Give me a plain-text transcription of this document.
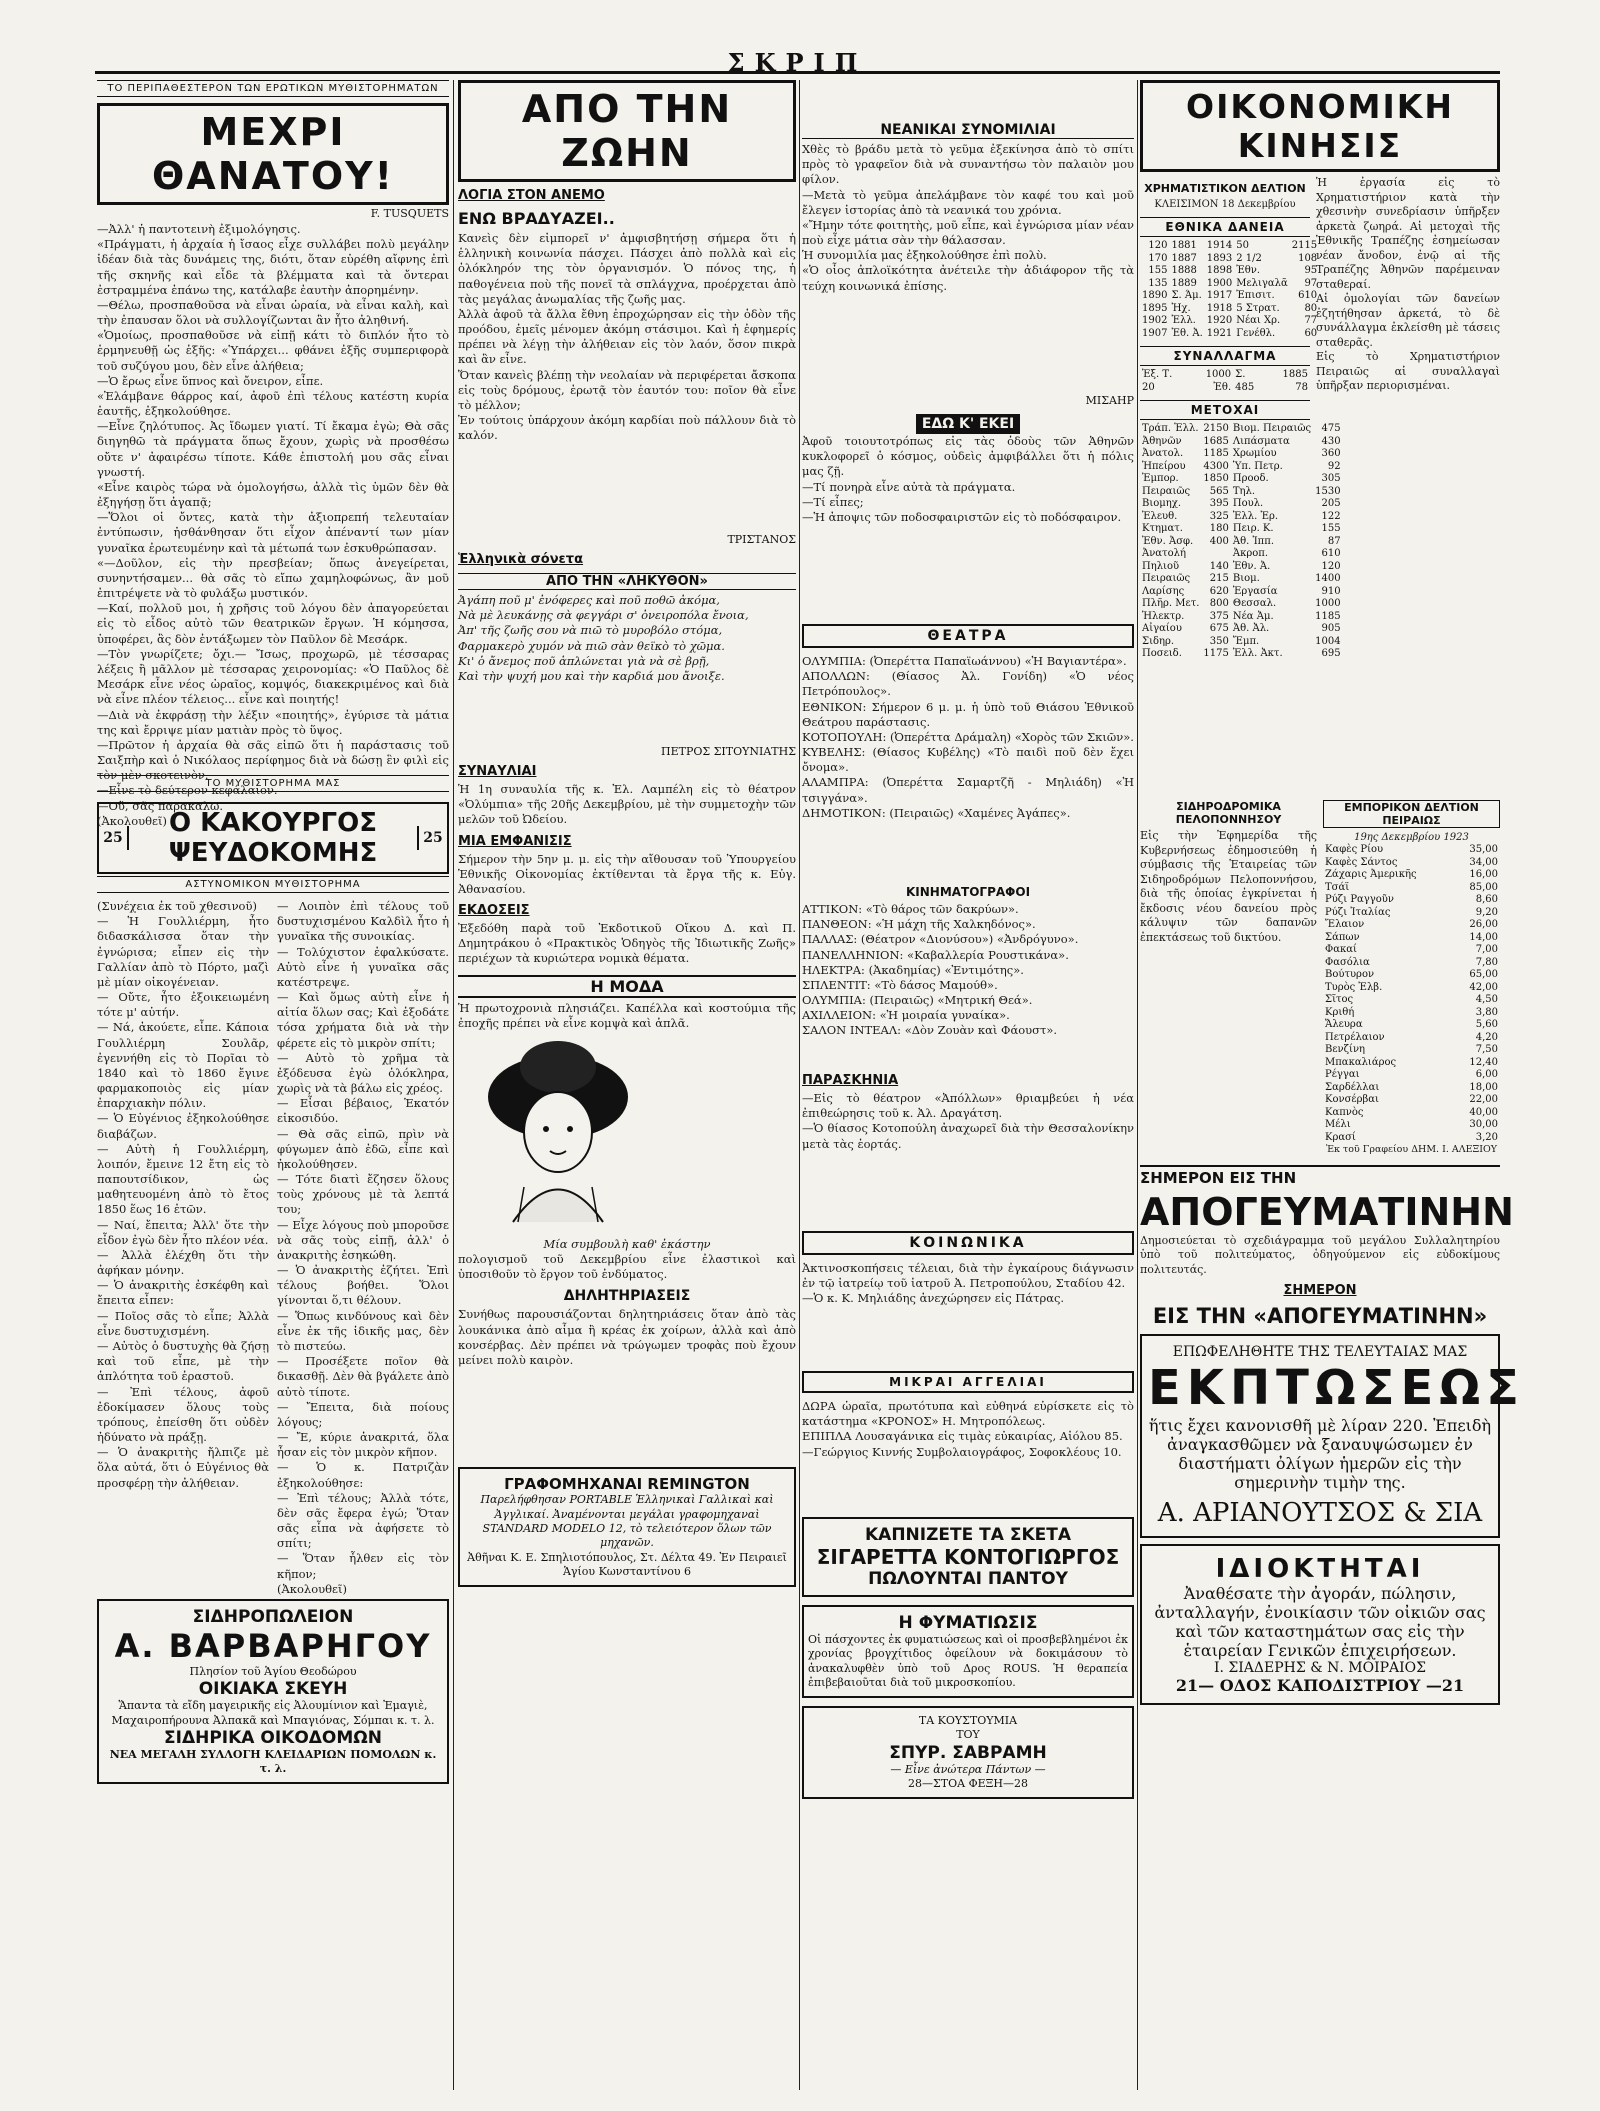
ΣΚΡΙΠ
ΤΟ ΠΕΡΙΠΑΘΕΣΤΕΡΟΝ ΤΩΝ ΕΡΩΤΙΚΩΝ ΜΥΘΙΣΤΟΡΗΜΑΤΩΝ
ΜΕΧΡΙ ΘΑΝΑΤΟΥ!
F. TUSQUETS
—Ἀλλ' ἡ παντοτεινὴ ἐξιμολόγησις.
«Πράγματι, ἡ ἀρχαία ἡ ἴσαος εἶχε συλλάβει πολὺ μεγάλην ἰδέαν διὰ τὰς δυνάμεις της, διότι, ὅταν εὑρέθη αἴφνης ἐπὶ τῆς σκηνῆς καὶ εἶδε τὰ βλέμματα καὶ τὰ ὄντεραι ἐστραμμένα ἐπάνω της, κατάλαβε ἐαυτὴν ἀπορημένην.
—Θέλω, προσπαθοῦσα νὰ εἶναι ὡραία, νὰ εἶναι καλὴ, καὶ τὴν ἐπαυσαν ὅλοι νὰ συλλογίζωνται ἂν ἦτο ἀληθινή.
«Ὁμοίως, προσπαθοῦσε νὰ εἰπῇ κάτι τὸ διπλόν ἦτο τὸ ἑρμηνευθῇ ὡς ἑξῆς: «Ὑπάρχει... φθάνει ἐξῆς συμπεριφορὰ τοῦ συζύγου μου, δὲν εἶνε ἀλήθεια;
—Ὁ ἔρως εἶνε ὕπνος καὶ ὄνειρον, εἶπε.
«Ἐλάμβανε θάρρος καί, ἀφοῦ ἐπὶ τέλους κατέστη κυρία ἑαυτῆς, ἐξηκολούθησε.
—Εἶνε ζηλότυπος. Ἀς ἴδωμεν γιατί. Τί ἔκαμα ἐγὼ; Θὰ σᾶς διηγηθῶ τὰ πράγματα ὅπως ἔχουν, χωρὶς νὰ προσθέσω οὔτε ν' ἀφαιρέσω τίποτε. Κάθε ἐπιστολή μου σᾶς εἶναι γνωστή.
«Εἶνε καιρὸς τώρα νὰ ὁμολογήσω, ἀλλὰ τὶς ὑμῶν δὲν θὰ ἐξηγήσῃ ὅτι ἀγαπᾷ;
—Ὅλοι οἱ ὄντες, κατὰ τὴν ἀξιοπρεπή τελευταίαν ἐντύπωσιν, ἠσθάνθησαν ὅτι εἶχον ἀπέναντί των μίαν γυναῖκα ἐρωτευμένην καὶ τὰ μέτωπά των ἐσκυθρώπασαν.
«—Δοῦλον, εἰς τὴν πρεσβείαν; ὅπως ἀνεγείρεται, συνηντήσαμεν... θὰ σᾶς τὸ εἴπω χαμηλοφώνως, ἂν μοῦ ἐπιτρέψετε νὰ τὸ φυλάξω μυστικόν.
—Καί, πολλοῦ μοι, ἡ χρῆσις τοῦ λόγου δὲν ἀπαγορεύεται εἰς τὸ εἶδος αὐτὸ τῶν θεατρικῶν ἔργων. Ἡ κόμησσα, ὑποφέρει, ἂς δὸν ἐντάξωμεν τὸν Παῦλον δὲ Μεσάρκ.
—Τὸν γνωρίζετε; ὄχι.— Ἴσως, προχωρῶ, μὲ τέσσαρας λέξεις ἢ μᾶλλον μὲ τέσσαρας χειρονομίας: «Ὁ Παῦλος δὲ Μεσάρκ εἶνε νέος ὡραῖος, κομψός, διακεκριμένος καὶ διὰ νὰ εἶνε πλέον τέλειος... εἶνε καὶ ποιητής!
—Διὰ νὰ ἐκφράσῃ τὴν λέξιν «ποιητής», ἐγύρισε τὰ μάτια της καὶ ἔρριψε μίαν ματιὰν πρὸς τὸ ὕψος.
—Πρῶτον ἡ ἀρχαία θὰ σᾶς εἰπῶ ὅτι ἡ παράστασις τοῦ Σαιξπὴρ καὶ ὁ Νικόλαος περίφημος διὰ νὰ δώσῃ ἓν φιλὶ εἰς τὸν μὲν σκοτεινὸν.
—Εἶνε τὸ δεύτερον κεφάλαιον.
—Οὔ, σᾶς παρακαλῶ.
(Ἀκολουθεῖ)
ΤΟ ΜΥΘΙΣΤΟΡΗΜΑ ΜΑΣ
25	Ο ΚΑΚΟΥΡΓΟΣ ΨΕΥΔΟΚΟΜΗΣ	25
ΑΣΤΥΝΟΜΙΚΟΝ ΜΥΘΙΣΤΟΡΗΜΑ
(Συνέχεια ἐκ τοῦ χθεσινοῦ)
— Ἡ Γουλλιέρμη, ἦτο διδασκάλισσα ὅταν τὴν ἐγνώρισα; εἶπεν εἰς τὴν Γαλλίαν ἀπὸ τὸ Πόρτο, μαζὶ μὲ μίαν οἰκογένειαν.
— Οὔτε, ἦτο ἐξοικειωμένη τότε μ' αὐτήν.
— Νά, ἀκούετε, εἶπε. Κάποια Γουλλιέρμη Σουλᾶρ, ἐγεννήθη εἰς τὸ Πορῖαι τὸ 1840 καὶ τὸ 1860 ἔγινε φαρμακοποιὸς εἰς μίαν ἐπαρχιακὴν πόλιν.
— Ὁ Εὐγένιος ἐξηκολούθησε διαβάζων.
— Αὐτὴ ἡ Γουλλιέρμη, λοιπόν, ἔμεινε 12 ἔτη εἰς τὸ παπουτσίδικον, ὡς μαθητευομένη ἀπὸ τὸ ἔτος 1850 ἕως 16 ἐτῶν.
— Ναί, ἔπειτα; Ἀλλ' ὅτε τὴν εἶδον ἐγὼ δὲν ἦτο πλέον νέα.
— Ἀλλὰ ἐλέχθη ὅτι τὴν ἀφήκαν μόνην.
— Ὁ ἀνακριτὴς ἐσκέφθη καὶ ἔπειτα εἶπεν:
— Ποῖος σᾶς τὸ εἶπε; Ἀλλὰ εἶνε δυστυχισμένη.
— Αὐτὸς ὁ δυστυχὴς θὰ ζήσῃ καὶ τοῦ εἶπε, μὲ τὴν ἁπλότητα τοῦ ἐραστοῦ.
— Ἐπὶ τέλους, ἀφοῦ ἐδοκίμασεν ὅλους τοὺς τρόπους, ἐπείσθη ὅτι οὐδὲν ἠδύνατο νὰ πράξῃ.
— Ὁ ἀνακριτὴς ἤλπιζε μὲ ὅλα αὐτά, ὅτι ὁ Εὐγένιος θὰ προσφέρῃ τὴν ἀλήθειαν.
— Λοιπὸν ἐπὶ τέλους τοῦ δυστυχισμένου Καλδὶλ ἦτο ἡ γυναῖκα τῆς συνοικίας.
— Τολύχιστον ἐφαλκύσατε. Αὐτὸ εἶνε ἡ γυναῖκα σᾶς κατέστρεψε.
— Καὶ ὅμως αὐτὴ εἶνε ἡ αἰτία ὅλων σας; Καὶ ἐξοδάτε τόσα χρήματα διὰ νὰ τὴν φέρετε εἰς τὸ μικρὸν σπίτι;
— Αὐτὸ τὸ χρῆμα τὰ ἐξόδευσα ἐγὼ ὁλόκληρα, χωρὶς νὰ τὰ βάλω εἰς χρέος.
— Εἶσαι βέβαιος, Ἑκατόν εἰκοσιδύο.
— Θὰ σᾶς εἰπῶ, πρὶν νὰ φύγωμεν ἀπὸ ἐδῶ, εἶπε καὶ ἠκολούθησεν.
— Τότε διατὶ ἔζησεν ὅλους τοὺς χρόνους μὲ τὰ λεπτά του;
— Εἶχε λόγους ποὺ μποροῦσε νὰ σᾶς τοὺς εἰπῇ, ἀλλ' ὁ ἀνακριτὴς ἐσηκώθη.
— Ὁ ἀνακριτὴς ἐζήτει. Ἐπὶ τέλους βοήθει. Ὅλοι γίνονται ὅ,τι θέλουν.
— Ὅπως κινδύνους καὶ δὲν εἶνε ἐκ τῆς ἰδικῆς μας, δὲν τὸ πιστεύω.
— Προσέξετε ποῖον θὰ δικασθῇ. Δὲν θὰ βγάλετε ἀπὸ αὐτὸ τίποτε.
— Ἔπειτα, διὰ ποίους λόγους;
— Ἔ, κύριε ἀνακριτά, ὅλα ἦσαν εἰς τὸν μικρὸν κῆπον.
— Ὁ κ. Πατριζὰν ἐξηκολούθησε:
— Ἐπὶ τέλους; Ἀλλὰ τότε, δὲν σᾶς ἔφερα ἐγώ; Ὅταν σᾶς εἶπα νὰ ἀφήσετε τὸ σπίτι;
— Ὅταν ἦλθεν εἰς τὸν κῆπον;
(Ἀκολουθεῖ)
ΣΙΔΗΡΟΠΩΛΕΙΟΝ
Α. ΒΑΡΒΑΡΗΓΟΥ
Πλησίον τοῦ Ἁγίου Θεοδώρου
ΟΙΚΙΑΚΑ ΣΚΕΥΗ
Ἅπαντα τὰ εἴδη μαγειρικῆς εἰς Ἀλουμίνιον καὶ Ἐμαγιὲ, Μαχαιροπήρουνα Ἀλπακᾶ καὶ Μπαγιόνας, Σόμπαι κ. τ. λ.
ΣΙΔΗΡΙΚΑ ΟΙΚΟΔΟΜΩΝ
ΝΕΑ ΜΕΓΑΛΗ ΣΥΛΛΟΓΗ ΚΛΕΙΔΑΡΙΩΝ ΠΟΜΟΛΩΝ κ. τ. λ.
ΑΠΟ ΤΗΝ ΖΩΗΝ
ΛΟΓΙΑ ΣΤΟΝ ΑΝΕΜΟ
ΕΝΩ ΒΡΑΔΥΑΖΕΙ..
Κανεὶς δὲν εἰμπορεῖ ν' ἀμφισβητήσῃ σήμερα ὅτι ἡ ἑλληνικὴ κοινωνία πάσχει. Πάσχει ἀπὸ πολλὰ καὶ εἰς ὁλόκληρόν της τὸν ὀργανισμόν. Ὁ πόνος της, ἡ παθογένεια ποὺ τῆς πονεῖ τὰ σπλάγχνα, προέρχεται ἀπὸ τὰς μεγάλας ἀνωμαλίας τῆς ζωῆς μας.
Ἀλλὰ ἀφοῦ τὰ ἄλλα ἔθνη ἐπροχώρησαν εἰς τὴν ὁδὸν τῆς προόδου, ἐμεῖς μένομεν ἀκόμη στάσιμοι. Καὶ ἡ ἐφημερίς πρέπει νὰ λέγῃ τὴν ἀλήθειαν εἰς τὸν λαόν, ὅσον πικρὰ καὶ ἂν εἶνε.
Ὅταν κανεὶς βλέπῃ τὴν νεολαίαν νὰ περιφέρεται ἄσκοπα εἰς τοὺς δρόμους, ἐρωτᾷ τὸν ἑαυτόν του: ποῖον θὰ εἶνε τὸ μέλλον;
Ἐν τούτοις ὑπάρχουν ἀκόμη καρδίαι ποὺ πάλλουν διὰ τὸ καλόν.
ΤΡΙΣΤΑΝΟΣ
Ἑλληνικὰ σόνετα
ΑΠΟ ΤΗΝ «ΛΗΚΥΘΟΝ»
Ἀγάπη ποῦ μ' ἐνόφερες καὶ ποῦ ποθῶ ἀκόμα,
Νὰ μὲ λευκάνῃς σὰ φεγγάρι σ' ὀνειροπόλα ἔνοια,
Ἀπ' τῆς ζωῆς σου νὰ πιῶ τὸ μυροβόλο στόμα,
Φαρμακερὸ χυμόν νὰ πιῶ σὰν θεϊκὸ τὸ χῶμα.
Κι' ὁ ἄνεμος ποῦ ἁπλώνεται γιὰ νὰ σὲ βρῇ,
Καὶ τὴν ψυχή μου καὶ τὴν καρδιά μου ἄνοιξε.
ΠΕΤΡΟΣ ΣΙΤΟΥΝΙΑΤΗΣ
ΣΥΝΑΥΛΙΑΙ
Ἡ 1η συναυλία τῆς κ. Ἑλ. Λαμπέλη εἰς τὸ θέατρον «Ὀλύμπια» τῆς 20ῆς Δεκεμβρίου, μὲ τὴν συμμετοχὴν τῶν μελῶν τοῦ Ὠδείου.
ΜΙΑ ΕΜΦΑΝΙΣΙΣ
Σήμερον τὴν 5ην μ. μ. εἰς τὴν αἴθουσαν τοῦ Ὑπουργείου Ἐθνικῆς Οἰκονομίας ἐκτίθενται τὰ ἔργα τῆς κ. Εὐγ. Ἀθανασίου.
ΕΚΔΟΣΕΙΣ
Ἐξεδόθη παρὰ τοῦ Ἐκδοτικοῦ Οἴκου Δ. καὶ Π. Δημητράκου ὁ «Πρακτικὸς Ὁδηγὸς τῆς Ἰδιωτικῆς Ζωῆς» περιέχων τὰ κυριώτερα νομικὰ θέματα.
Η ΜΟΔΑ
Ἡ πρωτοχρονιὰ πλησιάζει. Καπέλλα καὶ κοστούμια τῆς ἐποχῆς πρέπει νὰ εἶνε κομψὰ καὶ ἁπλᾶ.
Μία συμβουλὴ καθ' ἑκάστην
πολογισμοῦ τοῦ Δεκεμβρίου εἶνε ἐλαστικοὶ καὶ ὑποσιθοῦν τὸ ἔργον τοῦ ἐνδύματος.
ΔΗΛΗΤΗΡΙΑΣΕΙΣ
Συνήθως παρουσιάζονται δηλητηριάσεις ὅταν ἀπὸ τὰς λουκάνικα ἀπὸ αἷμα ἢ κρέας ἐκ χοίρων, ἀλλὰ καὶ ἀπὸ κονσέρβας. Δὲν πρέπει νὰ τρώγωμεν τροφὰς ποὺ ἔχουν μείνει πολὺ καιρὸν.
ΓΡΑΦΟΜΗΧΑΝΑΙ REMINGTON
Παρελήφθησαν PORTABLE Ἑλληνικαὶ Γαλλικαὶ καὶ Ἀγγλικαί. Ἀναμένονται μεγάλαι γραφομηχαναὶ STANDARD MODELO 12, τὸ τελειότερον ὅλων τῶν μηχανῶν.
Ἀθῆναι Κ. Ε. Σπηλιοτόπουλος, Στ. Δέλτα 49. Ἐν Πειραιεῖ Ἁγίου Κωνσταντίνου 6
ΝΕΑΝΙΚΑΙ ΣΥΝΟΜΙΛΙΑΙ
Χθὲς τὸ βράδυ μετὰ τὸ γεῦμα ἐξεκίνησα ἀπὸ τὸ σπίτι πρὸς τὸ γραφεῖον διὰ νὰ συναντήσω τὸν παλαιὸν μου φίλον.
—Μετὰ τὸ γεῦμα ἀπελάμβανε τὸν καφέ του καὶ μοῦ ἔλεγεν ἱστορίας ἀπὸ τὰ νεανικά του χρόνια.
«Ἤμην τότε φοιτητὴς, μοῦ εἶπε, καὶ ἐγνώρισα μίαν νέαν ποὺ εἶχε μάτια σὰν τὴν θάλασσαν.
Ἡ συνομιλία μας ἐξηκολούθησε ἐπὶ πολὺ.
«Ὁ οἶος ἀπλοϊκότητα ἀνέτειλε τὴν ἀδιάφορον τῆς τὰ τεύχη κοινωνικά ἐπίσης.
ΜΙΣΑΗΡ
ΕΔΩ Κ' ΕΚΕΙ
Ἀφοῦ τοιουτοτρόπως εἰς τὰς ὁδοὺς τῶν Ἀθηνῶν κυκλοφορεῖ ὁ κόσμος, οὐδεὶς ἀμφιβάλλει ὅτι ἡ πόλις μας ζῇ.
—Τί πονηρὰ εἶνε αὐτὰ τὰ πράγματα.
—Τί εἶπες;
—Ἡ ἀποψις τῶν ποδοσφαιριστῶν εἰς τὸ ποδόσφαιρον.
ΘΕΑΤΡΑ
ΟΛΥΜΠΙΑ: (Ὀπερέττα Παπαϊωάννου) «Ἡ Βαγιαντέρα».
ΑΠΟΛΛΩΝ: (Θίασος Ἀλ. Γονίδη) «Ὁ νέος Πετρόπουλος».
ΕΘΝΙΚΟΝ: Σήμερον 6 μ. μ. ἡ ὑπὸ τοῦ Θιάσου Ἐθνικοῦ Θεάτρου παράστασις.
ΚΟΤΟΠΟΥΛΗ: (Ὀπερέττα Δράμαλη) «Χορὸς τῶν Σκιῶν».
ΚΥΒΕΛΗΣ: (Θίασος Κυβέλης) «Τὸ παιδὶ ποῦ δὲν ἔχει ὄνομα».
ΑΛΑΜΠΡΑ: (Ὀπερέττα Σαμαρτζῆ - Μηλιάδη) «Ἡ τσιγγάνα».
ΔΗΜΟΤΙΚΟΝ: (Πειραιῶς) «Χαμένες Ἀγάπες».
ΚΙΝΗΜΑΤΟΓΡΑΦΟΙ
ΑΤΤΙΚΟΝ: «Τὸ θάρος τῶν δακρύων».
ΠΑΝΘΕΟΝ: «Ἡ μάχη τῆς Χαλκηδόνος».
ΠΑΛΛΑΣ: (Θέατρον «Διονύσου») «Ἀνδρόγυνο».
ΠΑΝΕΛΛΗΝΙΟΝ: «Καβαλλερία Ρουστικάνα».
ΗΛΕΚΤΡΑ: (Ἀκαδημίας) «Ἐντιμότης».
ΣΠΛΕΝΤΙΤ: «Τὸ δάσος Μαμούθ».
ΟΛΥΜΠΙΑ: (Πειραιῶς) «Μητρική Θεά».
ΑΧΙΛΛΕΙΟΝ: «Ἡ μοιραία γυναίκα».
ΣΑΛΟΝ ΙΝΤΕΑΛ: «Δὸν Ζουὰν καὶ Φάουστ».
ΠΑΡΑΣΚΗΝΙΑ
—Εἰς τὸ θέατρον «Ἀπόλλων» θριαμβεύει ἡ νέα ἐπιθεώρησις τοῦ κ. Ἀλ. Δραγάτση.
—Ὁ θίασος Κοτοπούλη ἀναχωρεῖ διὰ τὴν Θεσσαλονίκην μετὰ τὰς ἑορτάς.
ΚΟΙΝΩΝΙΚΑ
Ἀκτινοσκοπήσεις τέλειαι, διὰ τὴν ἐγκαίρους διάγνωσιν ἐν τῷ ἰατρείῳ τοῦ ἰατροῦ Ἀ. Πετροπούλου, Σταδίου 42.
—Ὁ κ. Κ. Μηλιάδης ἀνεχώρησεν εἰς Πάτρας.
ΜΙΚΡΑΙ ΑΓΓΕΛΙΑΙ
ΔΩΡΑ ὡραῖα, πρωτότυπα καὶ εὐθηνά εὑρίσκετε εἰς τὸ κατάστημα «ΚΡΟΝΟΣ» Η. Μητροπόλεως.
ΕΠΙΠΛΑ Λουσαγάνικα εἰς τιμὰς εὐκαιρίας, Αἰόλου 85.
—Γεώργιος Κιννής Συμβολαιογράφος, Σοφοκλέους 10.
ΚΑΠΝΙΖΕΤΕ ΤΑ ΣΚΕΤΑ
ΣΙΓΑΡΕΤΤΑ ΚΟΝΤΟΓΙΩΡΓΟΣ
ΠΩΛΟΥΝΤΑΙ ΠΑΝΤΟΥ
Η ΦΥΜΑΤΙΩΣΙΣ
Οἱ πάσχοντες ἐκ φυματιώσεως καὶ οἱ προσβεβλημένοι ἐκ χρονίας βρογχίτιδος ὀφείλουν νὰ δοκιμάσουν τὸ ἀνακαλυφθὲν ὑπὸ τοῦ Δρος ROUS. Ἡ θεραπεία ἐπιβεβαιοῦται διὰ τοῦ μικροσκοπίου.
ΤΑ ΚΟΥΣΤΟΥΜΙΑ
ΤΟΥ
ΣΠΥΡ. ΣΑΒΡΑΜΗ
— Εἶνε ἀνώτερα Πάντων —
28—ΣΤΟΑ ΦΕΞΗ—28
ΟΙΚΟΝΟΜΙΚΗ ΚΙΝΗΣΙΣ
ΧΡΗΜΑΤΙΣΤΙΚΟΝ ΔΕΛΤΙΟΝ
ΚΛΕΙΣΙΜΟΝ 18 Δεκεμβρίου
ΕΘΝΙΚΑ ΔΑΝΕΙΑ
120	1881	1914	50	2115
170	1887	1893	2 1/2	108
155	1888	1898	Ἐθν.	95
135	1889	1900	Μελιγαλᾶ	97
1890	Σ. Άμ.	1917	Ἐπισιτ.	610
1895	Ἠχ.	1918	5 Στρατ.	80
1902	Ἐλλ.	1920	Νέαι Χρ.	77
1907	Ἐθ. Ἀ.	1921	Γενέθλ.	60
ΣΥΝΑΛΛΑΓΜΑ
Ἐξ. Τ.	1000	Σ.	1885
20	Ἐθ.	485	78
ΜΕΤΟΧΑΙ
Τράπ. Ἑλλ.	2150	Βιομ. Πειραιῶς	475
Ἀθηνῶν	1685	Λιπάσματα	430
Ἀνατολ.	1185	Χρωμίου	360
Ἠπείρου	4300	Ὑπ. Πετρ.	92
Ἐμπορ.	1850	Προοδ.	305
Πειραιῶς	565	Τηλ.	1530
Βιομηχ.	395	Πουλ.	205
Ἐλευθ.	325	Ἐλλ. Ἐρ.	122
Κτηματ.	180	Πειρ. Κ.	155
Ἐθν. Ἀσφ.	400	Ἀθ. Ἰππ.	87
Ἀνατολή		Ἀκροπ.	610
Πηλιοῦ	140	Ἐθν. Ἀ.	120
Πειραιῶς	215	Βιομ.	1400
Λαρίσης	620	Ἐργασία	910
Πλῆρ. Μετ.	800	Θεσσαλ.	1000
Ἠλεκτρ.	375	Νέα Ἀμ.	1185
Αἰγαίου	675	Ἀθ. Ἀλ.	905
Σιδηρ.	350	Ἔμπ.	1004
Ποσειδ.	1175	Ἐλλ. Ἀκτ.	695
Ἡ ἐργασία εἰς τὸ Χρηματιστήριον κατὰ τὴν χθεσινὴν συνεδρίασιν ὑπῆρξεν ἀρκετὰ ζωηρά. Αἱ μετοχαὶ τῆς Ἐθνικῆς Τραπέζης ἐσημείωσαν νέαν ἄνοδον, ἐνῷ αἱ τῆς Τραπέζης Ἀθηνῶν παρέμειναν σταθεραί.
Αἱ ὁμολογίαι τῶν δανείων ἐζητήθησαν ἀρκετά, τὸ δὲ συνάλλαγμα ἐκλείσθη μὲ τάσεις σταθερᾶς.
Εἰς τὸ Χρηματιστήριον Πειραιῶς αἱ συναλλαγαὶ ὑπῆρξαν περιορισμέναι.
ΣΙΔΗΡΟΔΡΟΜΙΚΑ ΠΕΛΟΠΟΝΝΗΣΟΥ
Εἰς τὴν Ἐφημερίδα τῆς Κυβερνήσεως ἐδημοσιεύθη ἡ σύμβασις τῆς Ἑταιρείας τῶν Σιδηροδρόμων Πελοποννήσου, διὰ τῆς ὁποίας ἐγκρίνεται ἡ ἔκδοσις νέου δανείου πρὸς κάλυψιν τῶν δαπανῶν ἐπεκτάσεως τοῦ δικτύου.
ΕΜΠΟΡΙΚΟΝ ΔΕΛΤΙΟΝ ΠΕΙΡΑΙΩΣ
19ης Δεκεμβρίου 1923
Καφὲς Ρίου	35,00
Καφὲς Σάντος	34,00
Ζάχαρις Ἀμερικῆς	16,00
Τσάϊ	85,00
Ρύζι Ραγγοῦν	8,60
Ρύζι Ἰταλίας	9,20
Ἔλαιον	26,00
Σάπων	14,00
Φακαί	7,00
Φασόλια	7,80
Βούτυρον	65,00
Τυρὸς Ἐλβ.	42,00
Σῖτος	4,50
Κριθή	3,80
Ἄλευρα	5,60
Πετρέλαιον	4,20
Βενζίνη	7,50
Μπακαλιάρος	12,40
Ρέγγαι	6,00
Σαρδέλλαι	18,00
Κονσέρβαι	22,00
Καπνὸς	40,00
Μέλι	30,00
Κρασί	3,20
Ἐκ τοῦ Γραφείου ΔΗΜ. Ι. ΑΛΕΞΙΟΥ
ΣΗΜΕΡΟΝ ΕΙΣ ΤΗΝ
ΑΠΟΓΕΥΜΑΤΙΝΗΝ
Δημοσιεύεται τὸ σχεδιάγραμμα τοῦ μεγάλου Συλλαλητηρίου ὑπὸ τοῦ πολιτεύματος, ὁδηγούμενον εἰς εὐδοκίμους πολιτευτάς.
ΣΗΜΕΡΟΝ
ΕΙΣ ΤΗΝ «ΑΠΟΓΕΥΜΑΤΙΝΗΝ»
ΕΠΩΦΕΛΗΘΗΤΕ ΤΗΣ ΤΕΛΕΥΤΑΙΑΣ ΜΑΣ
ΕΚΠΤΩΣΕΩΣ
ἥτις ἔχει κανονισθῆ μὲ λίραν 220. Ἐπειδὴ ἀναγκασθῶμεν νὰ ξαναυψώσωμεν ἐν διαστήματι ὀλίγων ἡμερῶν εἰς τὴν σημερινὴν τιμὴν της.
Α. ΑΡΙΑΝΟΥΤΣΟΣ & ΣΙΑ
ΙΔΙΟΚΤΗΤΑΙ
Ἀναθέσατε τὴν ἀγοράν, πώλησιν, ἀνταλλαγήν, ἐνοικίασιν τῶν οἰκιῶν σας καὶ τῶν καταστημάτων σας εἰς τὴν ἑταιρείαν Γενικῶν ἐπιχειρήσεων.
Ι. ΣΙΑΔΕΡΗΣ & Ν. ΜΟΙΡΑΙΟΣ
21— ΟΔΟΣ ΚΑΠΟΔΙΣΤΡΙΟΥ —21
